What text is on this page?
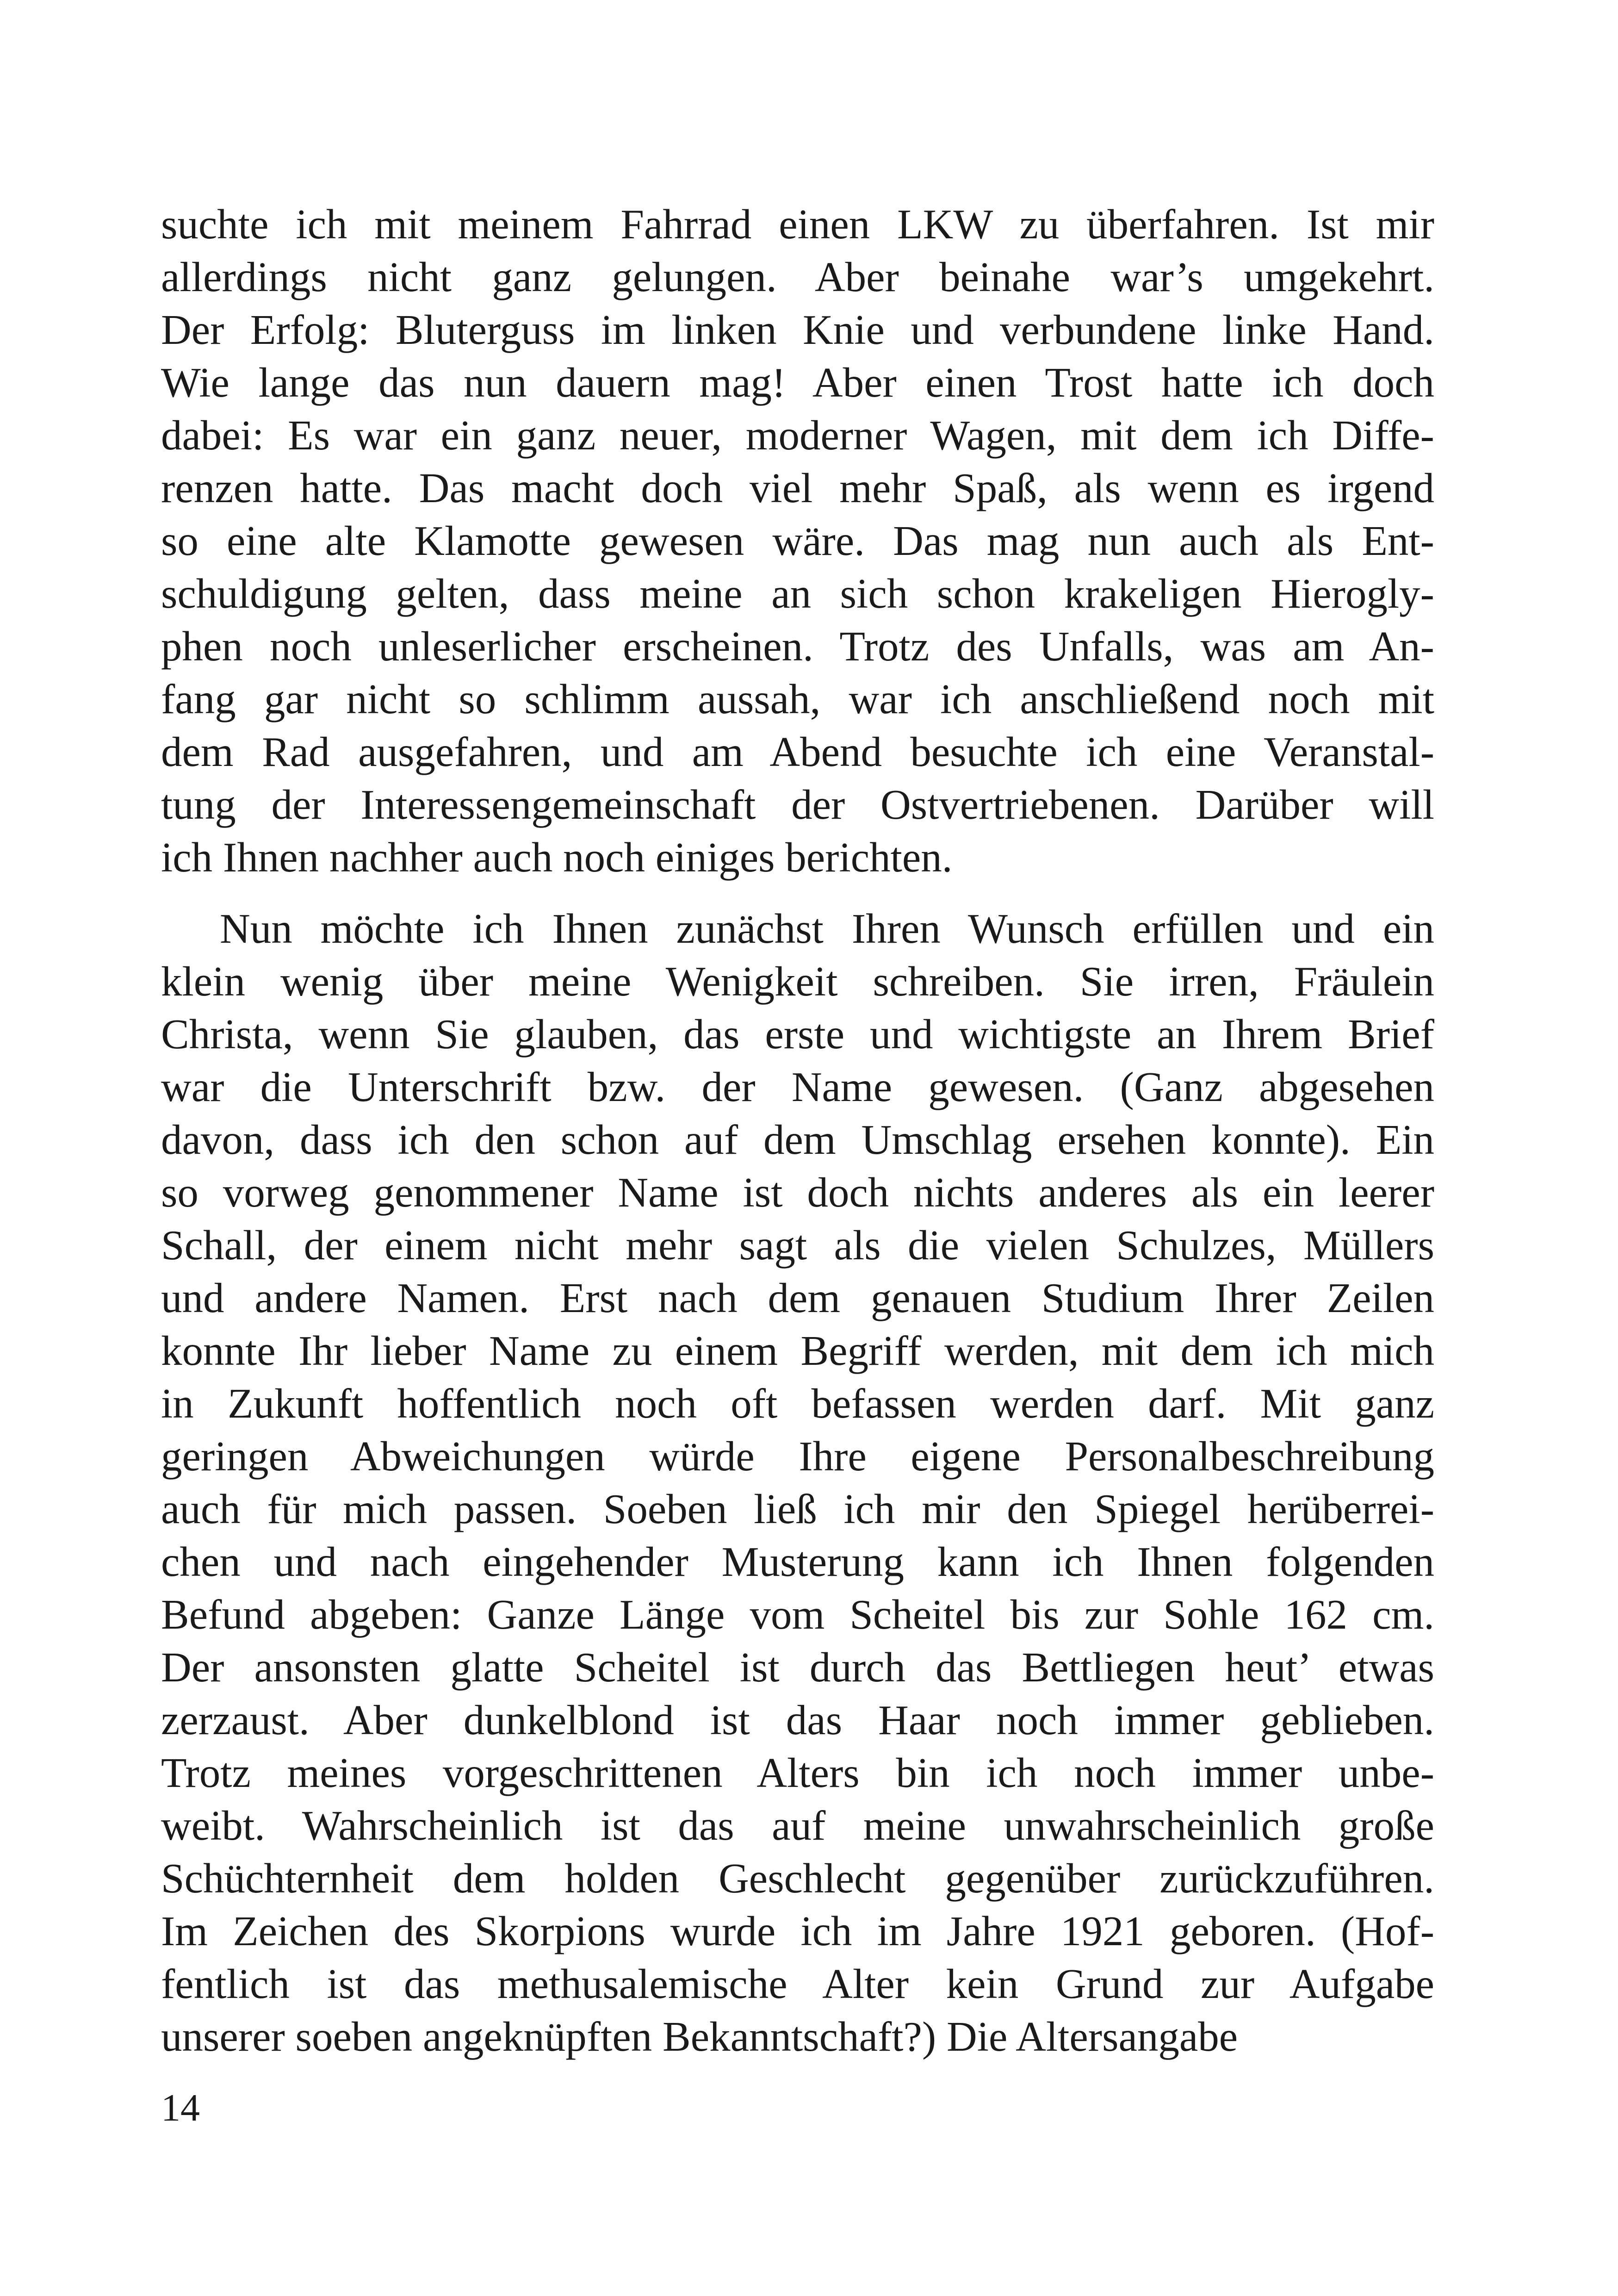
suchte ich mit meinem Fahrrad einen LKW zu überfahren. Ist mir
allerdings nicht ganz gelungen. Aber beinahe war’s umgekehrt.
Der Erfolg: Bluterguss im linken Knie und verbundene linke Hand.
Wie lange das nun dauern mag! Aber einen Trost hatte ich doch
dabei: Es war ein ganz neuer, moderner Wagen, mit dem ich Diffe-
renzen hatte. Das macht doch viel mehr Spaß, als wenn es irgend
so eine alte Klamotte gewesen wäre. Das mag nun auch als Ent-
schuldigung gelten, dass meine an sich schon krakeligen Hierogly-
phen noch unleserlicher erscheinen. Trotz des Unfalls, was am An-
fang gar nicht so schlimm aussah, war ich anschließend noch mit
dem Rad ausgefahren, und am Abend besuchte ich eine Veranstal-
tung der Interessengemeinschaft der Ostvertriebenen. Darüber will
ich Ihnen nachher auch noch einiges berichten.
Nun möchte ich Ihnen zunächst Ihren Wunsch erfüllen und ein
klein wenig über meine Wenigkeit schreiben. Sie irren, Fräulein
Christa, wenn Sie glauben, das erste und wichtigste an Ihrem Brief
war die Unterschrift bzw. der Name gewesen. (Ganz abgesehen
davon, dass ich den schon auf dem Umschlag ersehen konnte). Ein
so vorweg genommener Name ist doch nichts anderes als ein leerer
Schall, der einem nicht mehr sagt als die vielen Schulzes, Müllers
und andere Namen. Erst nach dem genauen Studium Ihrer Zeilen
konnte Ihr lieber Name zu einem Begriff werden, mit dem ich mich
in Zukunft hoffentlich noch oft befassen werden darf. Mit ganz
geringen Abweichungen würde Ihre eigene Personalbeschreibung
auch für mich passen. Soeben ließ ich mir den Spiegel herüberrei-
chen und nach eingehender Musterung kann ich Ihnen folgenden
Befund abgeben: Ganze Länge vom Scheitel bis zur Sohle 162 cm.
Der ansonsten glatte Scheitel ist durch das Bettliegen heut’ etwas
zerzaust. Aber dunkelblond ist das Haar noch immer geblieben.
Trotz meines vorgeschrittenen Alters bin ich noch immer unbe-
weibt. Wahrscheinlich ist das auf meine unwahrscheinlich große
Schüchternheit dem holden Geschlecht gegenüber zurückzuführen.
Im Zeichen des Skorpions wurde ich im Jahre 1921 geboren. (Hof-
fentlich ist das methusalemische Alter kein Grund zur Aufgabe
unserer soeben angeknüpften Bekanntschaft?) Die Altersangabe
14
